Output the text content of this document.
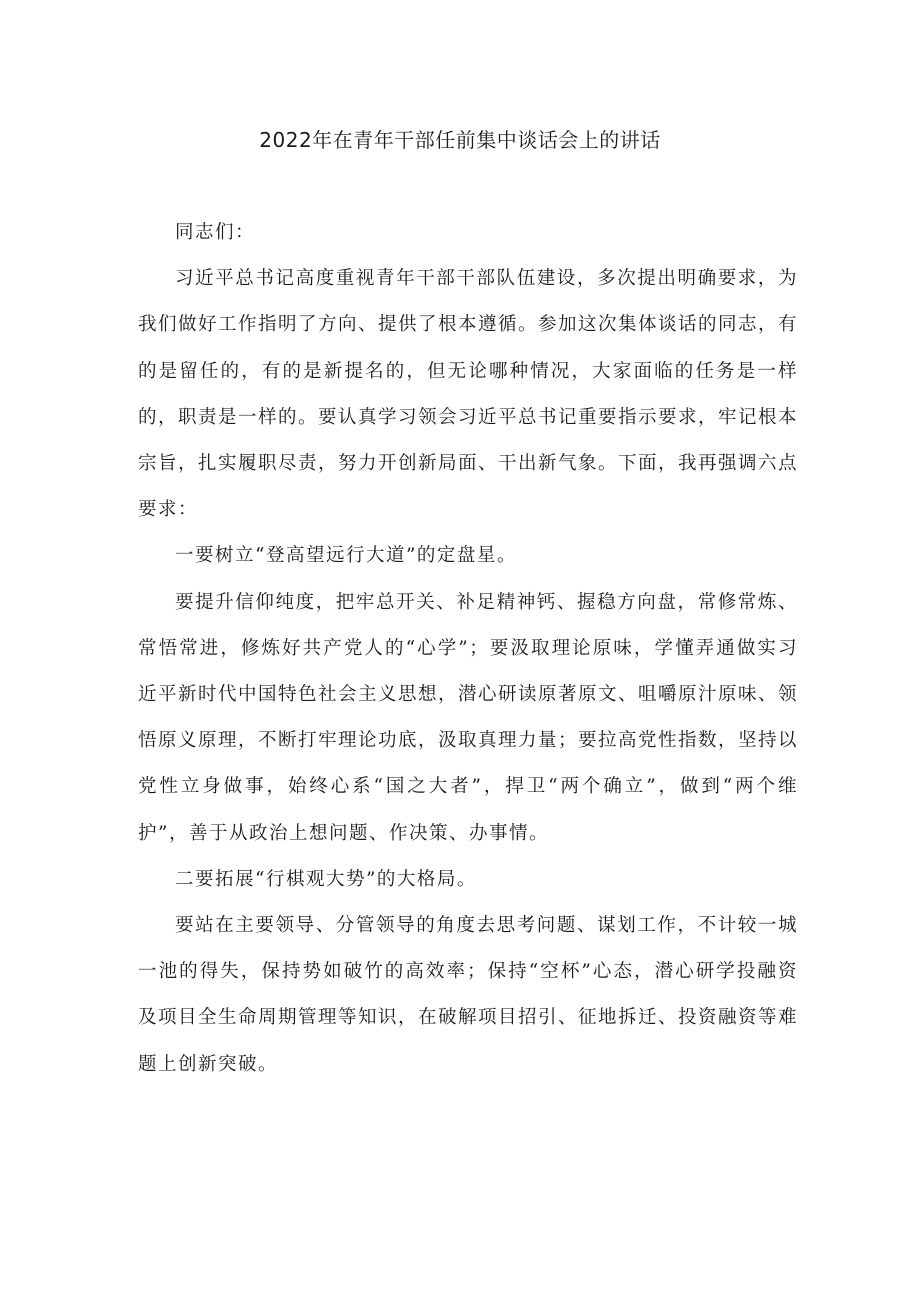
2022年在青年干部任前集中谈话会上的讲话

同志们：

习近平总书记高度重视青年干部干部队伍建设，多次提出明确要求，为我们做好工作指明了方向、提供了根本遵循。参加这次集体谈话的同志，有的是留任的，有的是新提名的，但无论哪种情况，大家面临的任务是一样的，职责是一样的。要认真学习领会习近平总书记重要指示要求，牢记根本宗旨，扎实履职尽责，努力开创新局面、干出新气象。下面，我再强调六点要求：

一要树立“登高望远行大道”的定盘星。

要提升信仰纯度，把牢总开关、补足精神钙、握稳方向盘，常修常炼、常悟常进，修炼好共产党人的“心学”；要汲取理论原味，学懂弄通做实习近平新时代中国特色社会主义思想，潜心研读原著原文、咀嚼原汁原味、领悟原义原理，不断打牢理论功底，汲取真理力量；要拉高党性指数，坚持以党性立身做事，始终心系“国之大者”，捍卫“两个确立”，做到“两个维护”，善于从政治上想问题、作决策、办事情。

二要拓展“行棋观大势”的大格局。

要站在主要领导、分管领导的角度去思考问题、谋划工作，不计较一城一池的得失，保持势如破竹的高效率；保持“空杯”心态，潜心研学投融资及项目全生命周期管理等知识，在破解项目招引、征地拆迁、投资融资等难题上创新突破。
